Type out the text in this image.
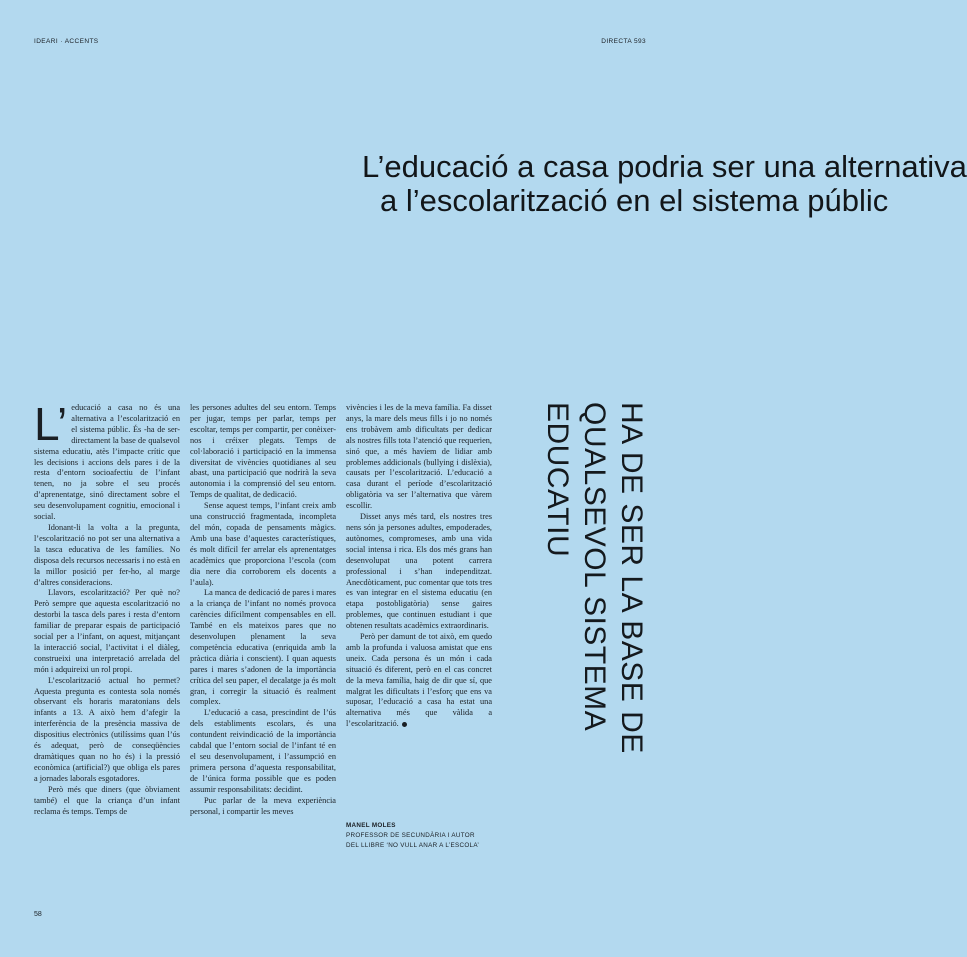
IDEARI · ACCENTS	DIRECTA 593
L’educació a casa podria ser una alternativa
a l’escolarització en el sistema públic
HA DE SER LA BASE DE
QUALSEVOL SISTEMA
EDUCATIU

L’ educació a casa no és una alternativa a l’escolarització en el sistema públic. És -ha de ser- directament la base de qualsevol sistema educatiu, atès l’impacte crític que les decisions i accions dels pares i de la resta d’entorn socioafectiu de l’infant tenen, no ja sobre el seu procés d’aprenentatge, sinó directament sobre el seu desenvolupament cognitiu, emocional i social.

Idonant-li la volta a la pregunta, l’escolarització no pot ser una alternativa a la tasca educativa de les famílies. No disposa dels recursos necessaris i no està en la millor posició per fer-ho, al marge d’altres consideracions.

Llavors, escolarització? Per què no? Però sempre que aquesta escolarització no destorbi la tasca dels pares i resta d’entorn familiar de preparar espais de participació social per a l’infant, on aquest, mitjançant la interacció social, l’activitat i el diàleg, construeixi una interpretació arrelada del món i adquireixi un rol propi.

L’escolarització actual ho permet? Aquesta pregunta es contesta sola només observant els horaris maratonians dels infants a 13. A això hem d’afegir la interferència de la presència massiva de dispositius electrònics (utilíssims quan l’ús és adequat, però de conseqüències dramàtiques quan no ho és) i la pressió econòmica (artificial?) que obliga els pares a jornades laborals esgotadores.

Però més que diners (que òbviament també) el que la criança d’un infant reclama és temps. Temps de

les persones adultes del seu entorn. Temps per jugar, temps per parlar, temps per escoltar, temps per compartir, per conèixer-nos i créixer plegats. Temps de col·laboració i participació en la immensa diversitat de vivències quotidianes al seu abast, una participació que nodrirà la seva autonomia i la comprensió del seu entorn. Temps de qualitat, de dedicació.

Sense aquest temps, l’infant creix amb una construcció fragmentada, incompleta del món, copada de pensaments màgics. Amb una base d’aquestes característiques, és molt difícil fer arrelar els aprenentatges acadèmics que proporciona l’escola (com dia nere dia corroborem els docents a l’aula).

La manca de dedicació de pares i mares a la criança de l’infant no només provoca carències difícilment compensables en ell. També en els mateixos pares que no desenvolupen plenament la seva competència educativa (enriquida amb la pràctica diària i conscient). I quan aquests pares i mares s’adonen de la importància crítica del seu paper, el decalatge ja és molt gran, i corregir la situació és realment complex.

L’educació a casa, prescindint de l’ús dels establiments escolars, és una contundent reivindicació de la importància cabdal que l’entorn social de l’infant té en el seu desenvolupament, i l’assumpció en primera persona d’aquesta responsabilitat, de l’única forma possible que es poden assumir responsabilitats: decidint.

Puc parlar de la meva experiència personal, i compartir les meves

vivències i les de la meva família. Fa disset anys, la mare dels meus fills i jo no només ens trobàvem amb dificultats per dedicar als nostres fills tota l’atenció que requerien, sinó que, a més havíem de lidiar amb problemes addicionals (bullying i dislèxia), causats per l’escolarització. L’educació a casa durant el període d’escolarització obligatòria va ser l’alternativa que vàrem escollir.

Disset anys més tard, els nostres tres nens són ja persones adultes, empoderades, autònomes, compromeses, amb una vida social intensa i rica. Els dos més grans han desenvolupat una potent carrera professional i s’han independitzat. Anecdòticament, puc comentar que tots tres es van integrar en el sistema educatiu (en etapa postobligatòria) sense gaires problemes, que continuen estudiant i que obtenen resultats acadèmics extraordinaris.

Però per damunt de tot això, em quedo amb la profunda i valuosa amistat que ens uneix. Cada persona és un món i cada situació és diferent, però en el cas concret de la meva família, haig de dir que sí, que malgrat les dificultats i l’esforç que ens va suposar, l’educació a casa ha estat una alternativa més que vàlida a l’escolarització.

MANEL MOLES
PROFESSOR DE SECUNDÀRIA I AUTOR
DEL LLIBRE ‘NO VULL ANAR A L’ESCOLA’
58
